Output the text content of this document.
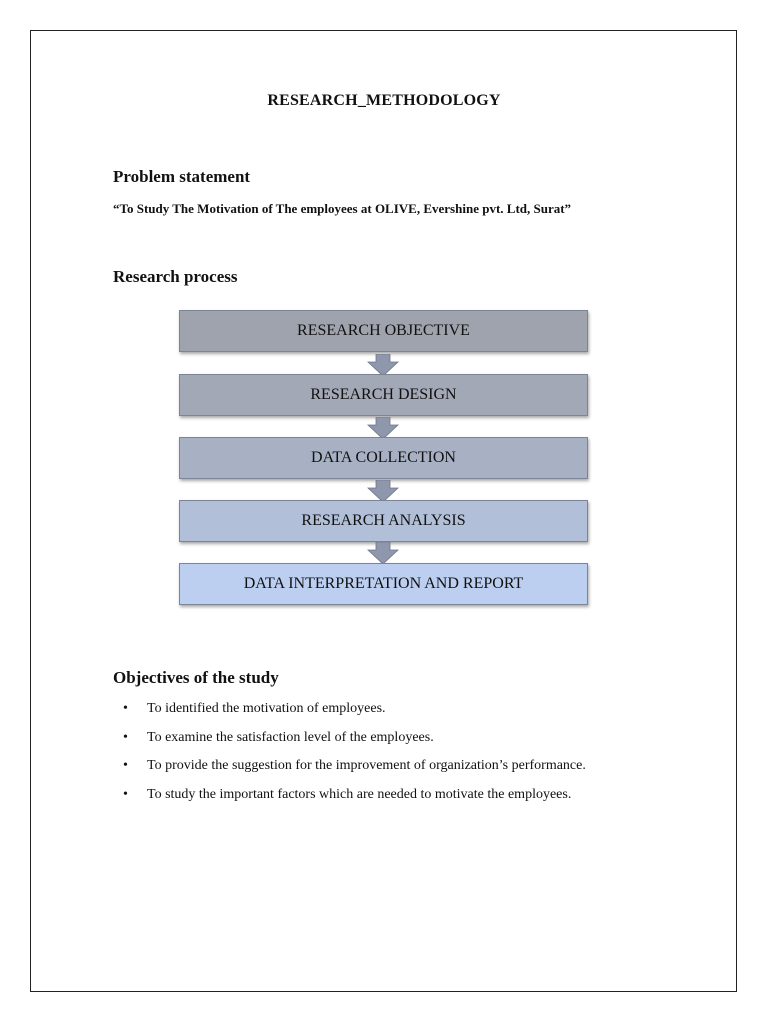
RESEARCH_METHODOLOGY
Problem statement
“To Study The Motivation of The employees at OLIVE, Evershine pvt. Ltd, Surat”
Research process
RESEARCH OBJECTIVE
RESEARCH DESIGN
DATA COLLECTION
RESEARCH ANALYSIS
DATA INTERPRETATION AND REPORT
Objectives of the study
• To identified the motivation of employees.
• To examine the satisfaction level of the employees.
• To provide the suggestion for the improvement of organization’s performance.
• To study the important factors which are needed to motivate the employees.
